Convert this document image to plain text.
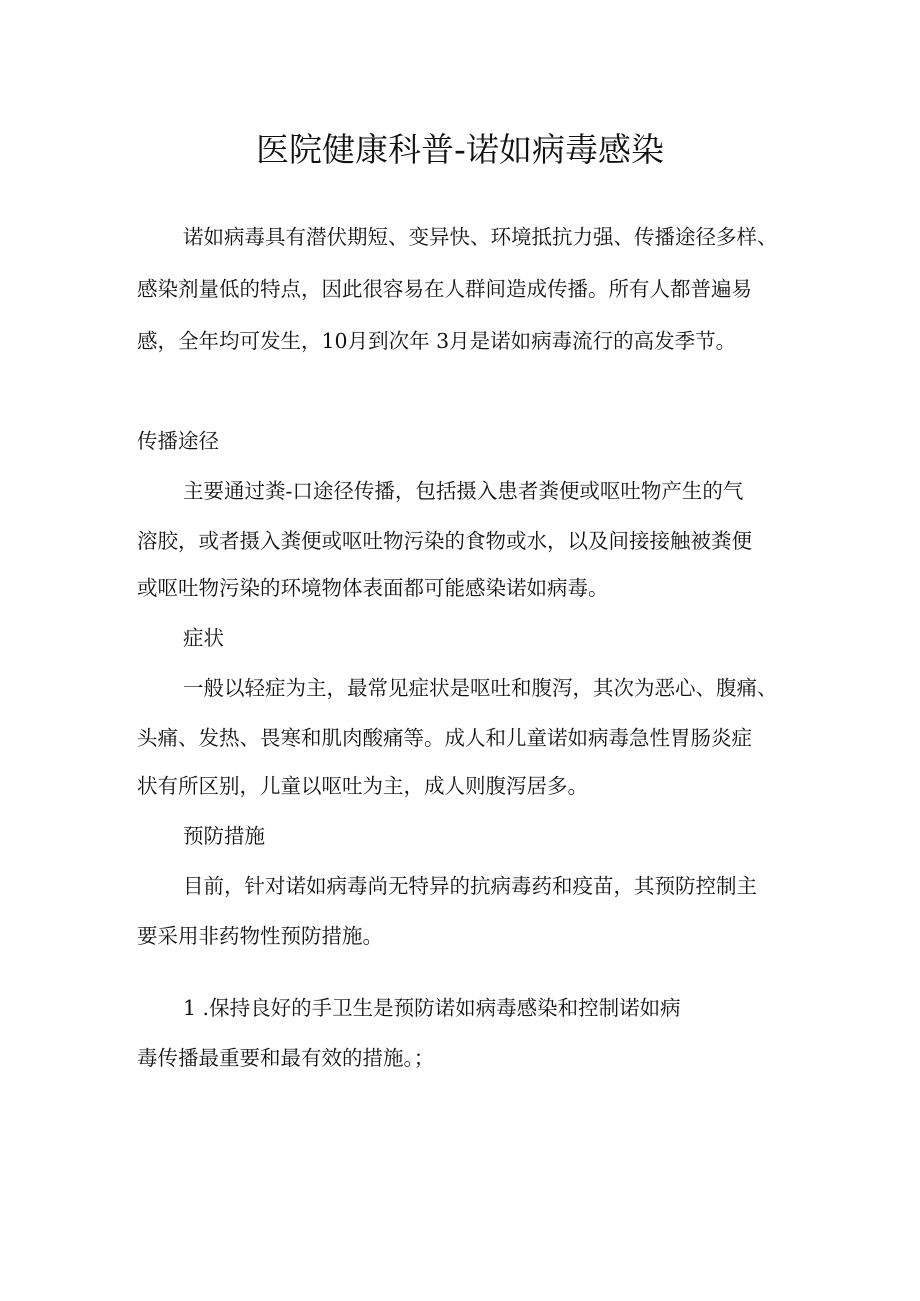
医院健康科普-诺如病毒感染
诺如病毒具有潜伏期短、变异快、环境抵抗力强、传播途径多样、
感染剂量低的特点，因此很容易在人群间造成传播。所有人都普遍易
感，全年均可发生，10月到次年 3月是诺如病毒流行的高发季节。
传播途径
主要通过粪-口途径传播，包括摄入患者粪便或呕吐物产生的气
溶胶，或者摄入粪便或呕吐物污染的食物或水，以及间接接触被粪便
或呕吐物污染的环境物体表面都可能感染诺如病毒。
症状
一般以轻症为主，最常见症状是呕吐和腹泻，其次为恶心、腹痛、
头痛、发热、畏寒和肌肉酸痛等。成人和儿童诺如病毒急性胃肠炎症
状有所区别，儿童以呕吐为主，成人则腹泻居多。
预防措施
目前，针对诺如病毒尚无特异的抗病毒药和疫苗，其预防控制主
要采用非药物性预防措施。
1 .保持良好的手卫生是预防诺如病毒感染和控制诺如病
毒传播最重要和最有效的措施。；
